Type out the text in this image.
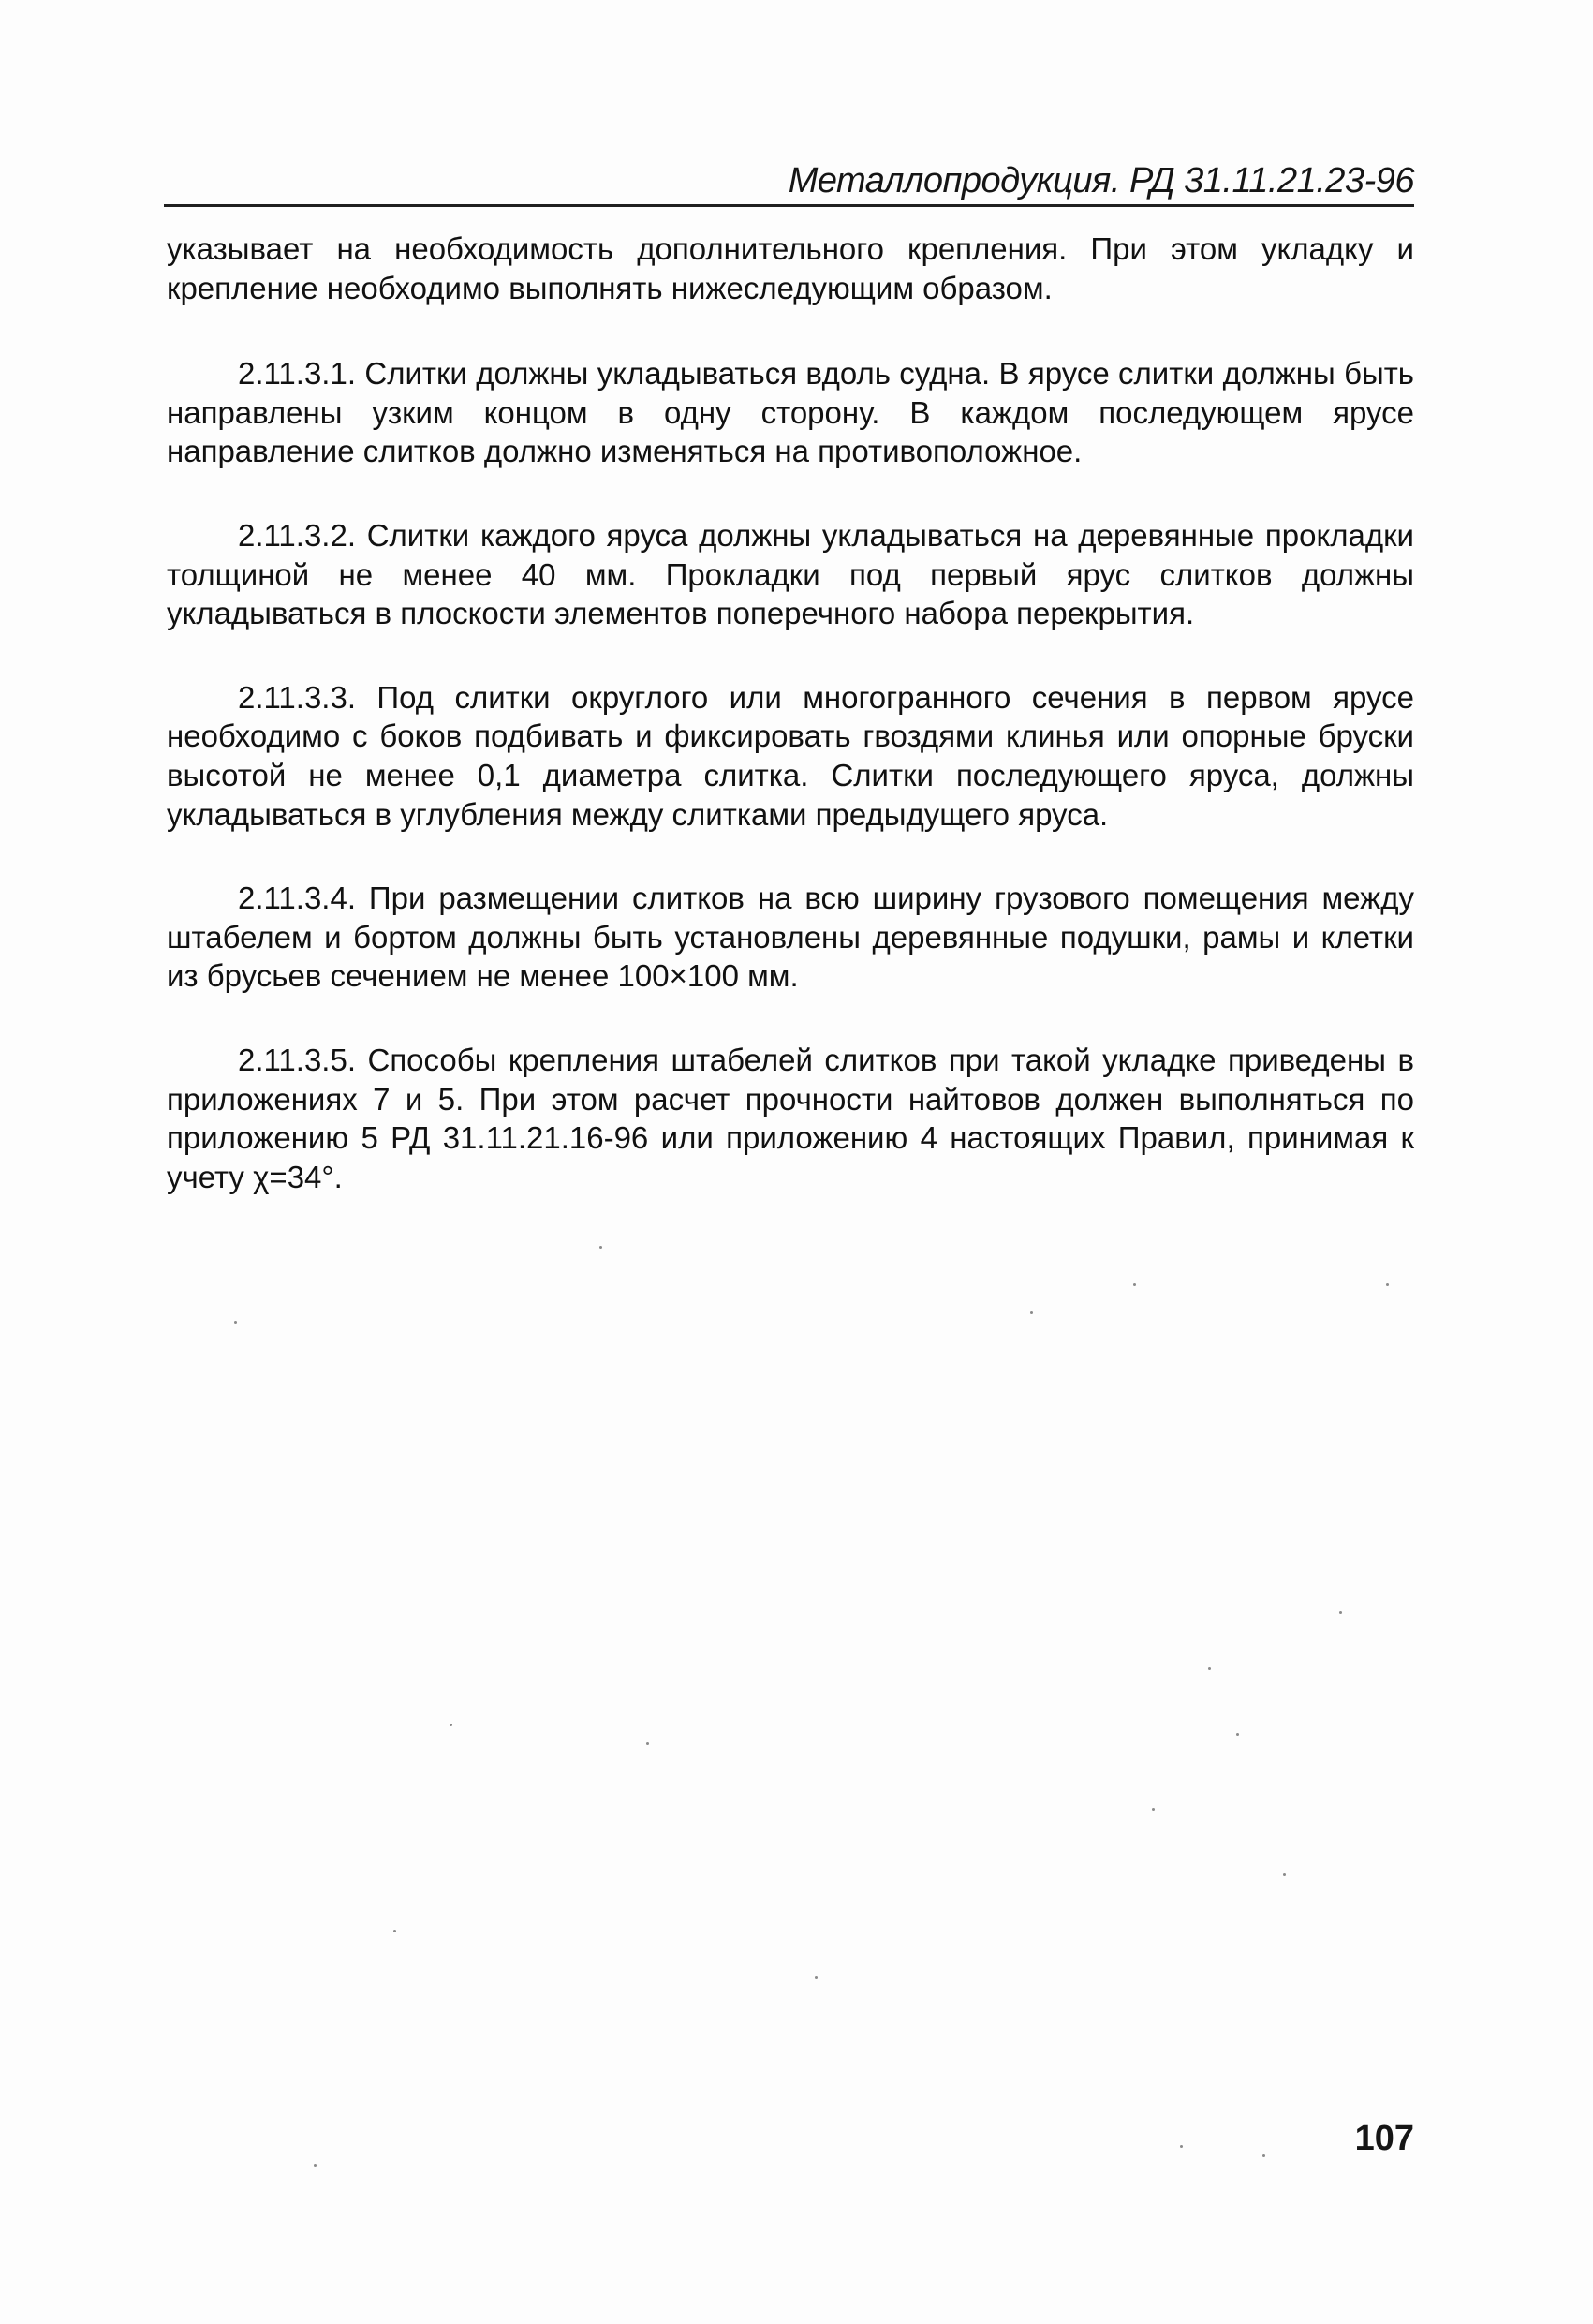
Металлопродукция. РД 31.11.21.23-96

указывает на необходимость дополнительного крепления. При этом укладку и крепление необходимо выполнять нижеследующим образом.

2.11.3.1. Слитки должны укладываться вдоль судна. В ярусе слитки должны быть направлены узким концом в одну сторону. В каждом последующем ярусе направление слитков должно изменяться на противоположное.

2.11.3.2. Слитки каждого яруса должны укладываться на деревянные прокладки толщиной не менее 40 мм. Прокладки под первый ярус слитков должны укладываться в плоскости элементов поперечного набора перекрытия.

2.11.3.3. Под слитки округлого или многогранного сечения в первом ярусе необходимо с боков подбивать и фиксировать гвоздями клинья или опорные бруски высотой не менее 0,1 диаметра слитка. Слитки последующего яруса, должны укладываться в углубления между слитками предыдущего яруса.

2.11.3.4. При размещении слитков на всю ширину грузового помещения между штабелем и бортом должны быть установлены деревянные подушки, рамы и клетки из брусьев сечением не менее 100×100 мм.

2.11.3.5. Способы крепления штабелей слитков при такой укладке приведены в приложениях 7 и 5. При этом расчет прочности найтовов должен выполняться по приложению 5 РД 31.11.21.16-96 или приложению 4 настоящих Правил, принимая к учету χ=34°.

107
